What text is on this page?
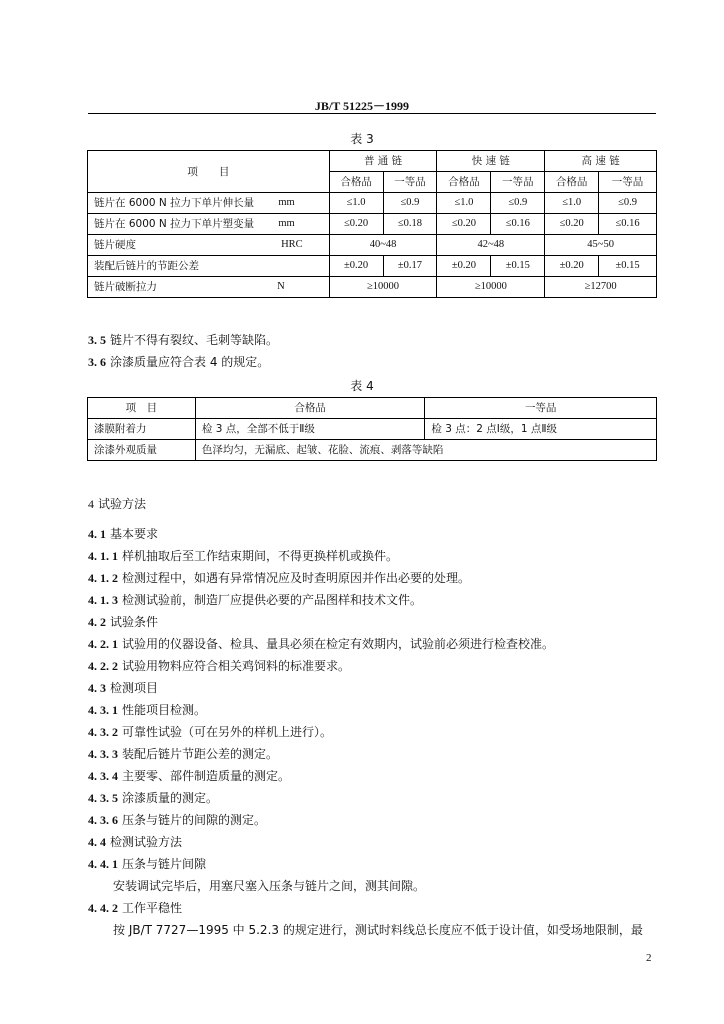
JB/T 51225－1999
表 3
项　　目	普 通 链		快 速 链		高 速 链	
	合格品	一等品	合格品	一等品	合格品	一等品
链片在 6000 N 拉力下单片伸长量 mm	≤1.0	≤0.9	≤1.0	≤0.9	≤1.0	≤0.9
链片在 6000 N 拉力下单片塑变量 mm	≤0.20	≤0.18	≤0.20	≤0.16	≤0.20	≤0.16
链片硬度 HRC	40~48		42~48		45~50	
装配后链片的节距公差	±0.20	±0.17	±0.20	±0.15	±0.20	±0.15
链片破断拉力 N	≥10000		≥10000		≥12700	
3. 5 链片不得有裂纹、毛刺等缺陷。
3. 6 涂漆质量应符合表 4 的规定。
表 4
项　目	合格品	一等品
漆膜附着力	检 3 点，全部不低于Ⅱ级	检 3 点：2 点Ⅰ级，1 点Ⅱ级
涂漆外观质量	色泽均匀，无漏底、起皱、花脸、流痕、剥落等缺陷	
4 试验方法
4. 1 基本要求
4. 1. 1 样机抽取后至工作结束期间，不得更换样机或换件。
4. 1. 2 检测过程中，如遇有异常情况应及时查明原因并作出必要的处理。
4. 1. 3 检测试验前，制造厂应提供必要的产品图样和技术文件。
4. 2 试验条件
4. 2. 1 试验用的仪器设备、检具、量具必须在检定有效期内，试验前必须进行检查校准。
4. 2. 2 试验用物料应符合相关鸡饲料的标准要求。
4. 3 检测项目
4. 3. 1 性能项目检测。
4. 3. 2 可靠性试验（可在另外的样机上进行）。
4. 3. 3 装配后链片节距公差的测定。
4. 3. 4 主要零、部件制造质量的测定。
4. 3. 5 涂漆质量的测定。
4. 3. 6 压条与链片的间隙的测定。
4. 4 检测试验方法
4. 4. 1 压条与链片间隙
安装调试完毕后，用塞尺塞入压条与链片之间，测其间隙。
4. 4. 2 工作平稳性
按 JB/T 7727—1995 中 5.2.3 的规定进行，测试时料线总长度应不低于设计值，如受场地限制，最
2
